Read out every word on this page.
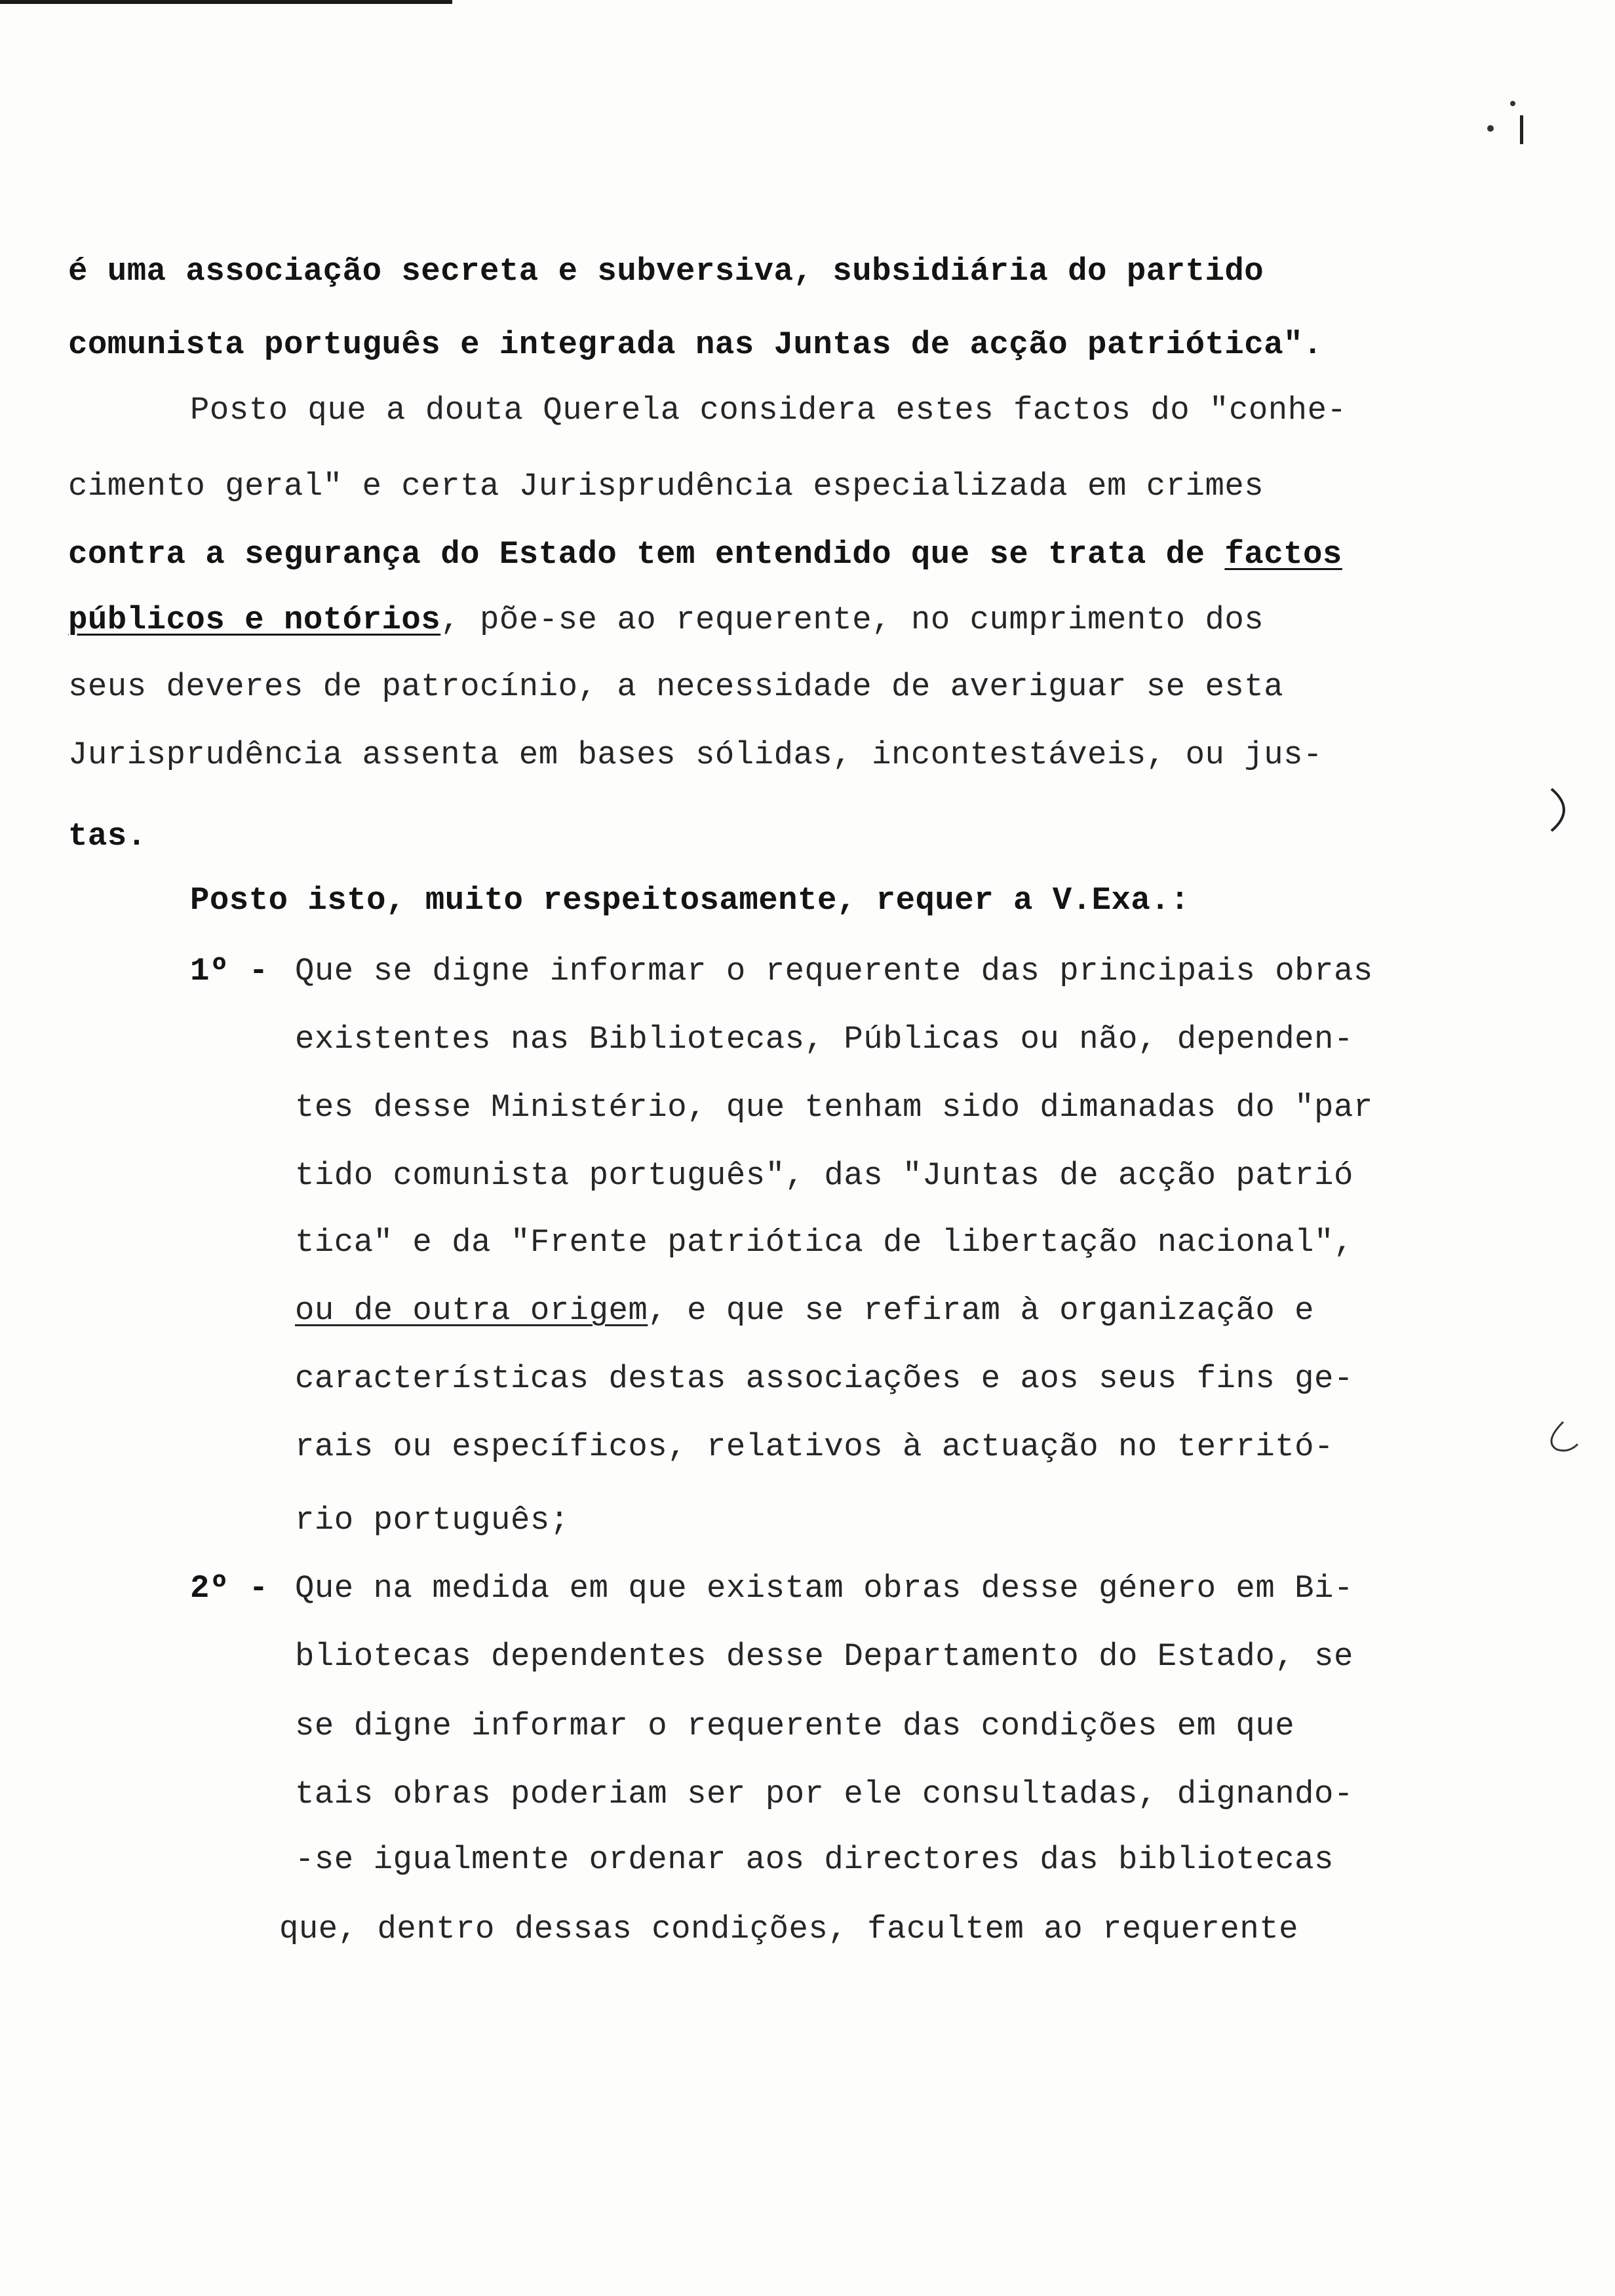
é uma associação secreta e subversiva, subsidiária do partido

comunista português e integrada nas Juntas de acção patriótica".

Posto que a douta Querela considera estes factos do "conhe-

cimento geral" e certa Jurisprudência especializada em crimes

contra a segurança do Estado tem entendido que se trata de factos

públicos e notórios, põe-se ao requerente, no cumprimento dos

seus deveres de patrocínio, a necessidade de averiguar se esta

Jurisprudência assenta em bases sólidas, incontestáveis, ou jus-

tas.

Posto isto, muito respeitosamente, requer a V.Exa.:

1º - Que se digne informar o requerente das principais obras

existentes nas Bibliotecas, Públicas ou não, dependen-

tes desse Ministério, que tenham sido dimanadas do "par

tido comunista português", das "Juntas de acção patrió

tica" e da "Frente patriótica de libertação nacional",

ou de outra origem, e que se refiram à organização e

características destas associações e aos seus fins ge-

rais ou específicos, relativos à actuação no territó-

rio português;

2º - Que na medida em que existam obras desse género em Bi-

bliotecas dependentes desse Departamento do Estado, se

se digne informar o requerente das condições em que

tais obras poderiam ser por ele consultadas, dignando-

-se igualmente ordenar aos directores das bibliotecas

que, dentro dessas condições, facultem ao requerente
